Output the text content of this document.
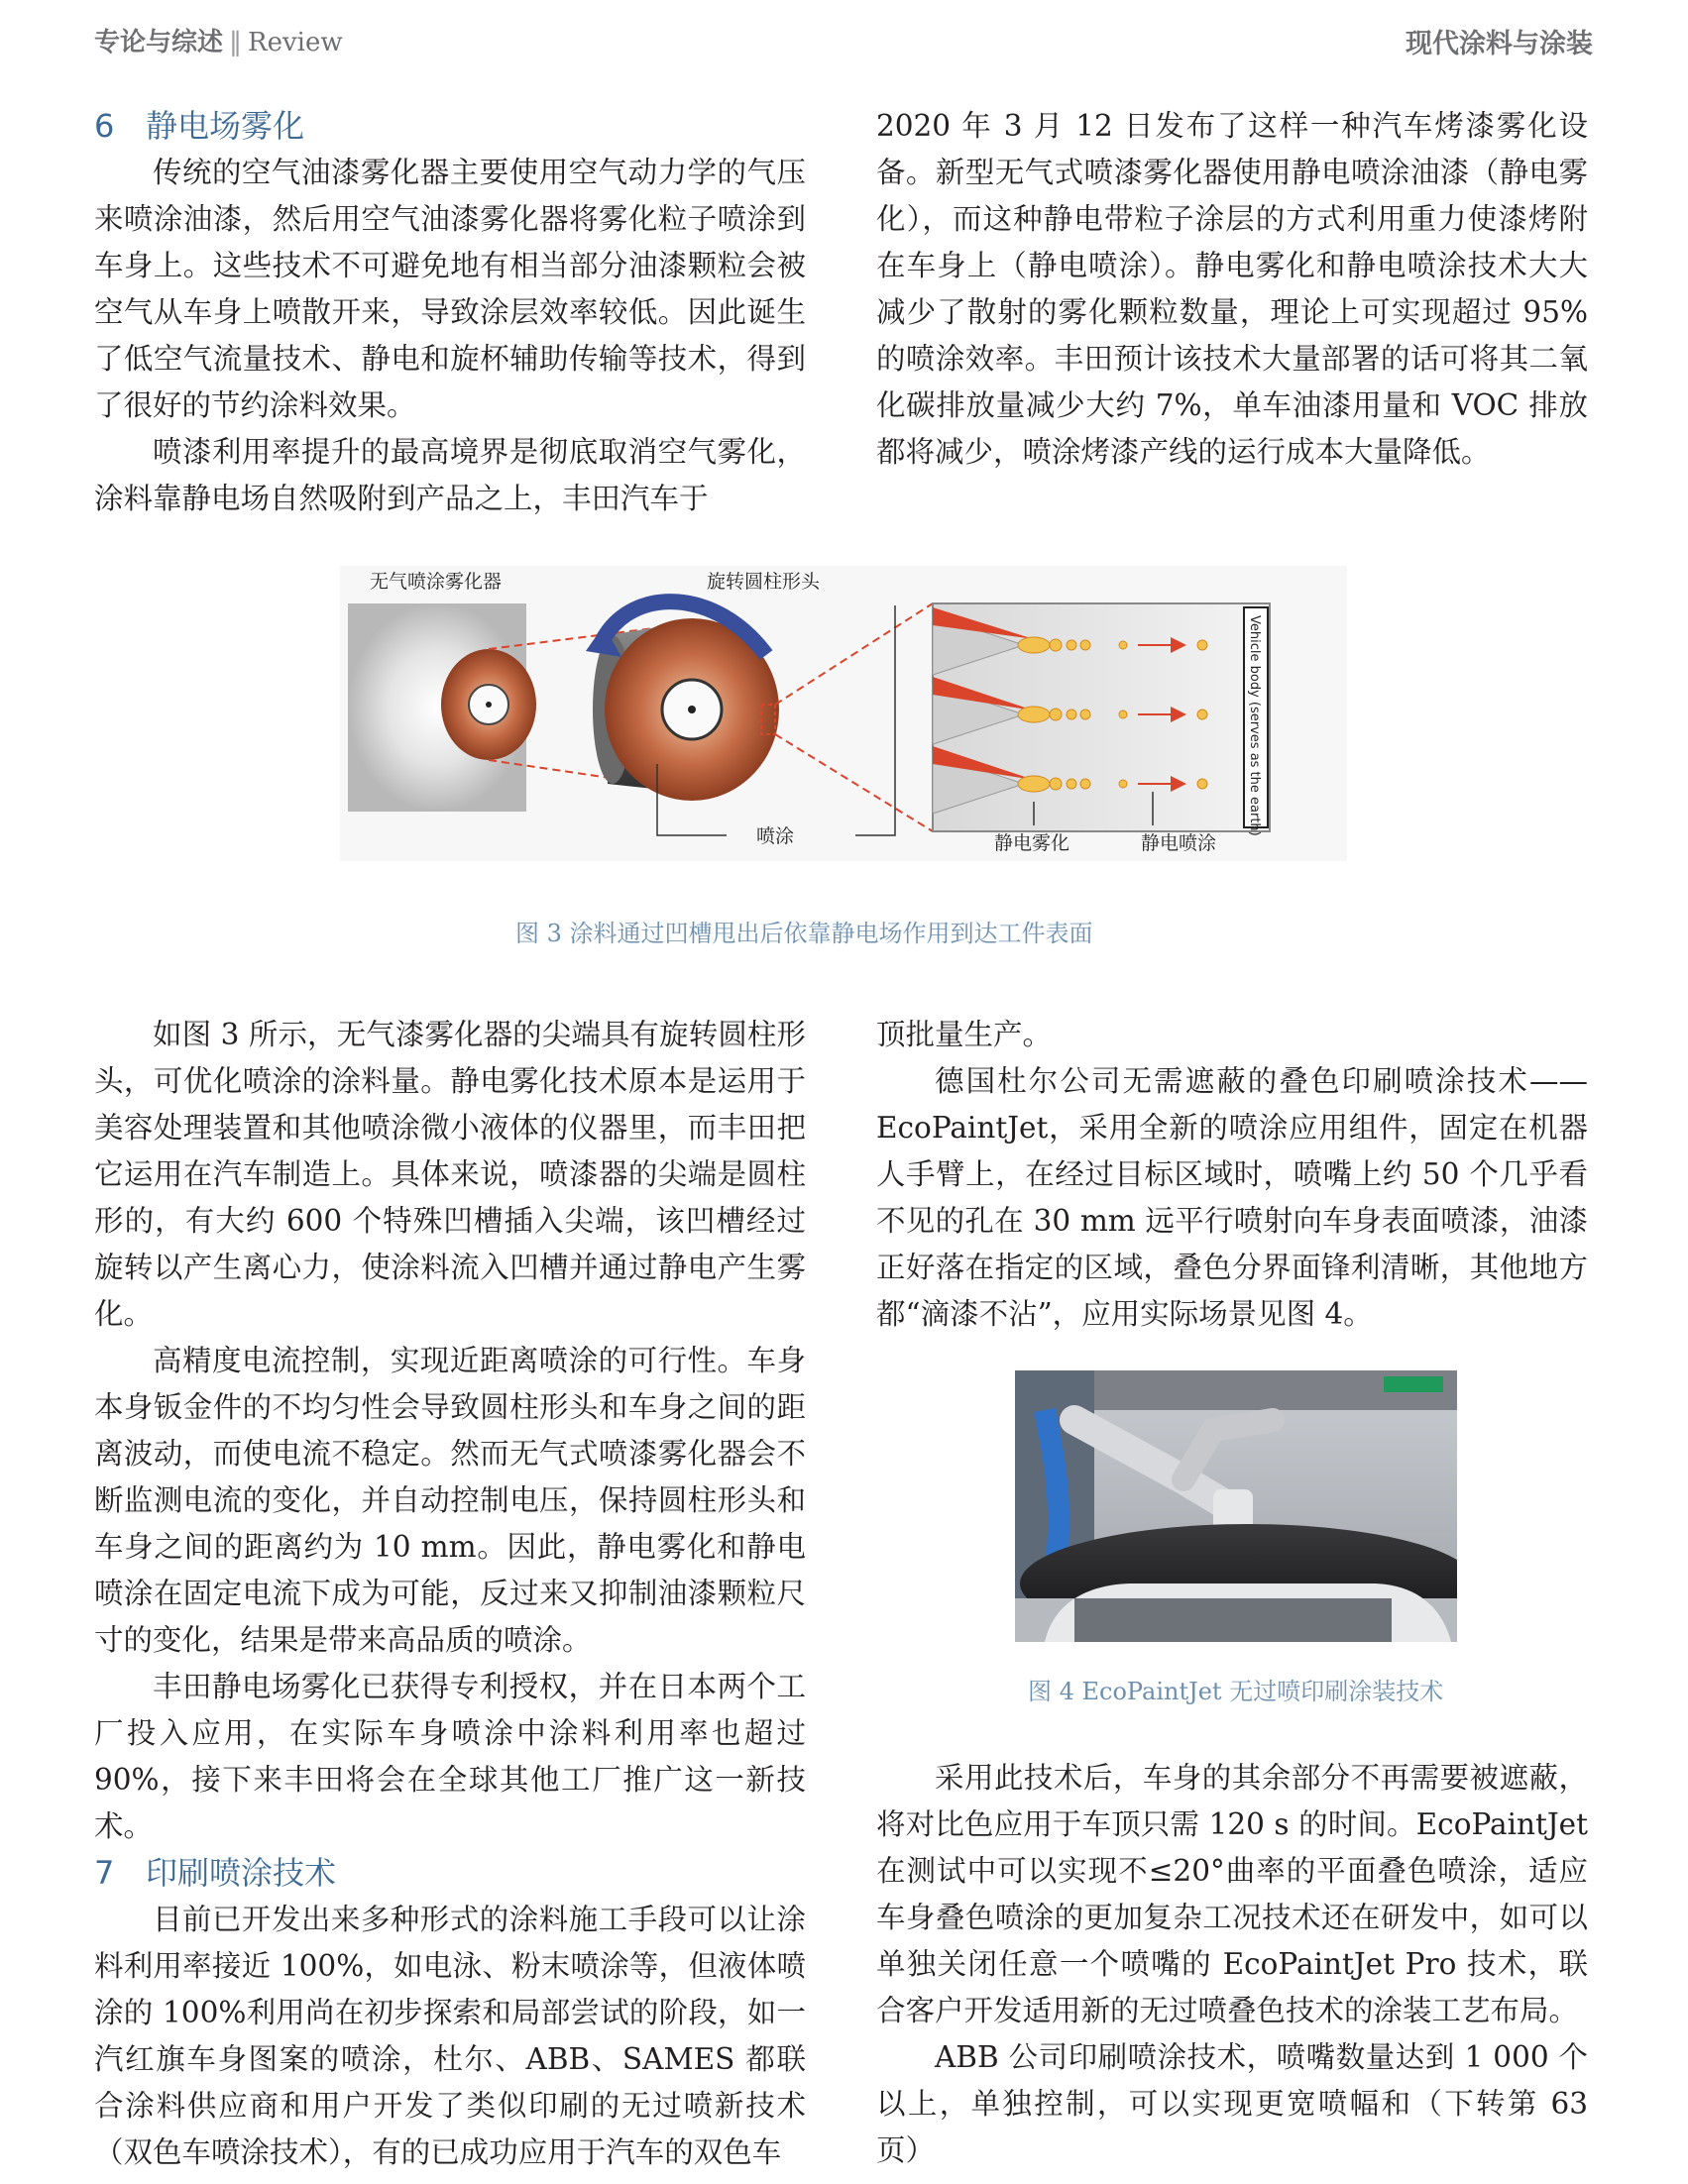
专论与综述 ‖ Review	现代涂料与涂装
6 静电场雾化

传统的空气油漆雾化器主要使用空气动力学的气压来喷涂油漆，然后用空气油漆雾化器将雾化粒子喷涂到车身上。这些技术不可避免地有相当部分油漆颗粒会被空气从车身上喷散开来，导致涂层效率较低。因此诞生了低空气流量技术、静电和旋杯辅助传输等技术，得到了很好的节约涂料效果。

喷漆利用率提升的最高境界是彻底取消空气雾化，涂料靠静电场自然吸附到产品之上，丰田汽车于

2020 年 3 月 12 日发布了这样一种汽车烤漆雾化设备。新型无气式喷漆雾化器使用静电喷涂油漆（静电雾化），而这种静电带粒子涂层的方式利用重力使漆烤附在车身上（静电喷涂）。静电雾化和静电喷涂技术大大减少了散射的雾化颗粒数量，理论上可实现超过 95%的喷涂效率。丰田预计该技术大量部署的话可将其二氧化碳排放量减少大约 7%，单车油漆用量和 VOC 排放都将减少，喷涂烤漆产线的运行成本大量降低。

Vehicle body (serves as the earth)
无气喷涂雾化器	旋转圆柱形头
喷涂	静电雾化	静电喷涂
图 3 涂料通过凹槽甩出后依靠静电场作用到达工件表面

如图 3 所示，无气漆雾化器的尖端具有旋转圆柱形头，可优化喷涂的涂料量。静电雾化技术原本是运用于美容处理装置和其他喷涂微小液体的仪器里，而丰田把它运用在汽车制造上。具体来说，喷漆器的尖端是圆柱形的，有大约 600 个特殊凹槽插入尖端，该凹槽经过旋转以产生离心力，使涂料流入凹槽并通过静电产生雾化。

高精度电流控制，实现近距离喷涂的可行性。车身本身钣金件的不均匀性会导致圆柱形头和车身之间的距离波动，而使电流不稳定。然而无气式喷漆雾化器会不断监测电流的变化，并自动控制电压，保持圆柱形头和车身之间的距离约为 10 mm。因此，静电雾化和静电喷涂在固定电流下成为可能，反过来又抑制油漆颗粒尺寸的变化，结果是带来高品质的喷涂。

丰田静电场雾化已获得专利授权，并在日本两个工厂投入应用，在实际车身喷涂中涂料利用率也超过 90%，接下来丰田将会在全球其他工厂推广这一新技术。

7 印刷喷涂技术

目前已开发出来多种形式的涂料施工手段可以让涂料利用率接近 100%，如电泳、粉末喷涂等，但液体喷涂的 100%利用尚在初步探索和局部尝试的阶段，如一汽红旗车身图案的喷涂，杜尔、ABB、SAMES 都联合涂料供应商和用户开发了类似印刷的无过喷新技术（双色车喷涂技术），有的已成功应用于汽车的双色车

顶批量生产。

德国杜尔公司无需遮蔽的叠色印刷喷涂技术——EcoPaintJet，采用全新的喷涂应用组件，固定在机器人手臂上，在经过目标区域时，喷嘴上约 50 个几乎看不见的孔在 30 mm 远平行喷射向车身表面喷漆，油漆正好落在指定的区域，叠色分界面锋利清晰，其他地方都“滴漆不沾”，应用实际场景见图 4。

图 4 EcoPaintJet 无过喷印刷涂装技术

采用此技术后，车身的其余部分不再需要被遮蔽，将对比色应用于车顶只需 120 s 的时间。EcoPaintJet 在测试中可以实现不≤20°曲率的平面叠色喷涂，适应车身叠色喷涂的更加复杂工况技术还在研发中，如可以单独关闭任意一个喷嘴的 EcoPaintJet Pro 技术，联合客户开发适用新的无过喷叠色技术的涂装工艺布局。

ABB 公司印刷喷涂技术，喷嘴数量达到 1 000 个以上，单独控制，可以实现更宽喷幅和（下转第 63 页）
